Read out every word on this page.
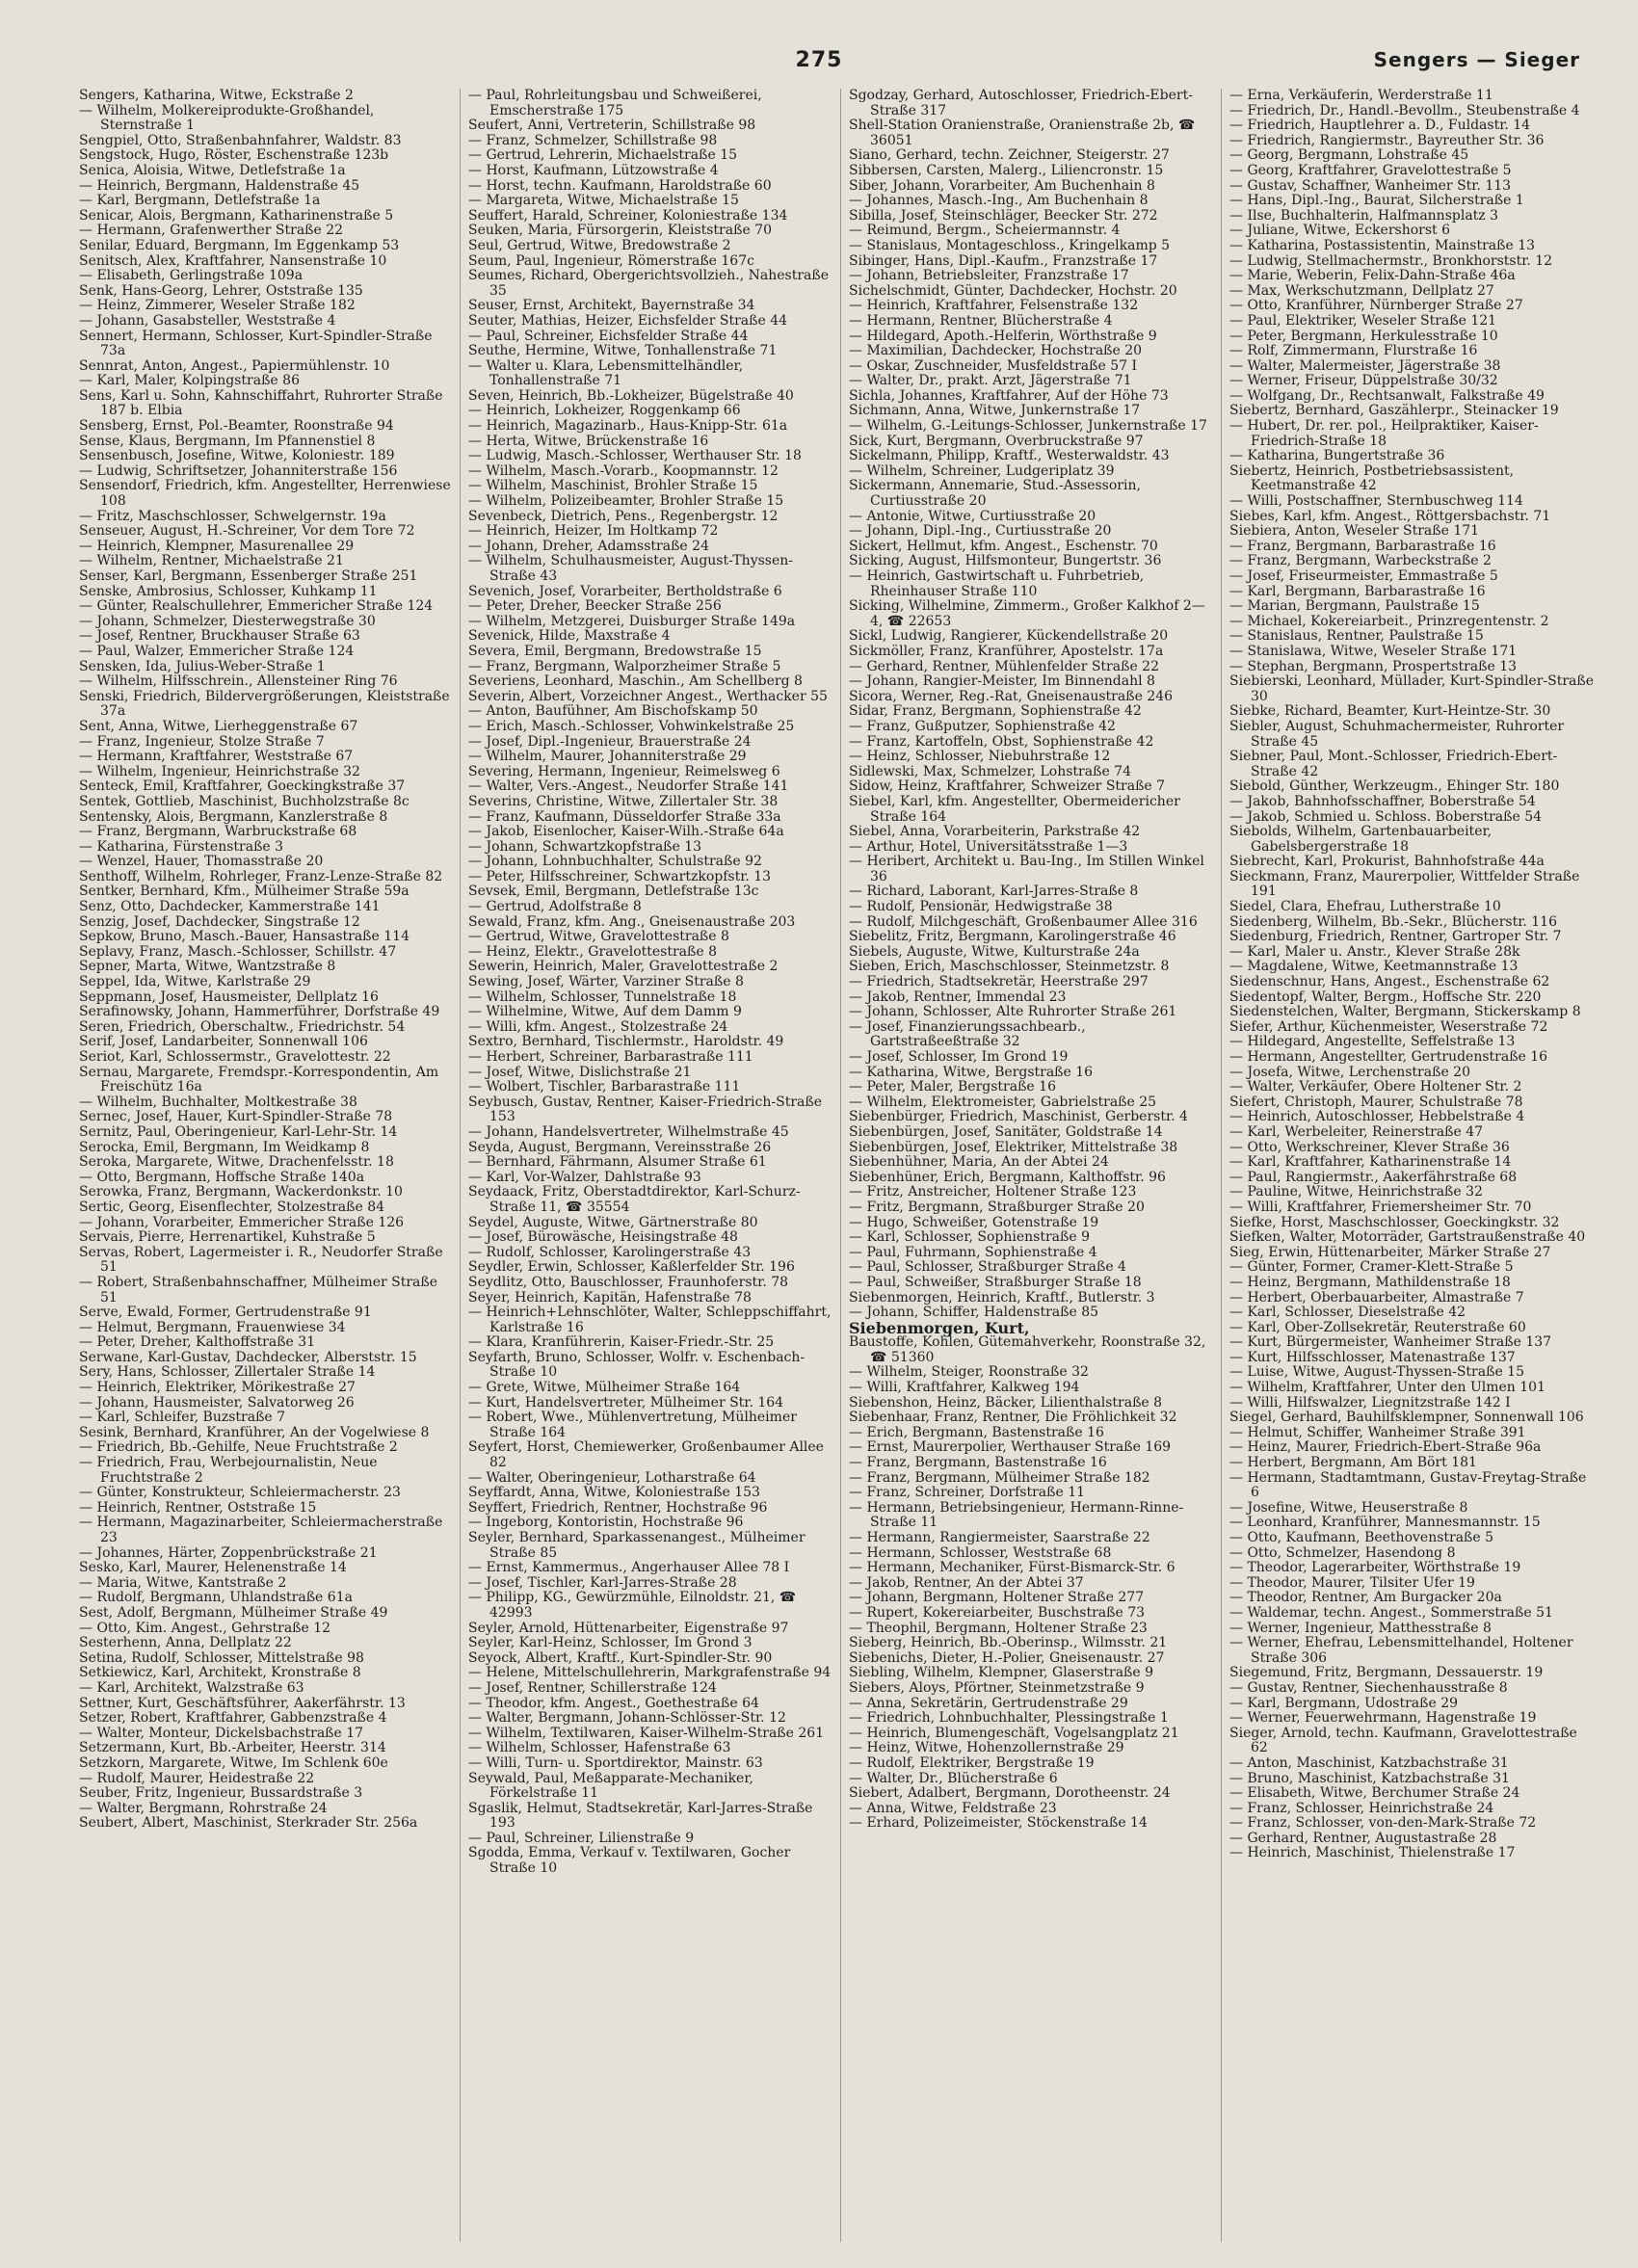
275	Sengers — Sieger

Sengers, Katharina, Witwe, Eckstraße 2

— Wilhelm, Molkereiprodukte-Großhandel, Sternstraße 1

Sengpiel, Otto, Straßenbahnfahrer, Waldstr. 83

Sengstock, Hugo, Röster, Eschenstraße 123b

Senica, Aloisia, Witwe, Detlefstraße 1a

— Heinrich, Bergmann, Haldenstraße 45

— Karl, Bergmann, Detlefstraße 1a

Senicar, Alois, Bergmann, Katharinenstraße 5

— Hermann, Grafenwerther Straße 22

Senilar, Eduard, Bergmann, Im Eggenkamp 53

Senitsch, Alex, Kraftfahrer, Nansenstraße 10

— Elisabeth, Gerlingstraße 109a

Senk, Hans-Georg, Lehrer, Oststraße 135

— Heinz, Zimmerer, Weseler Straße 182

— Johann, Gasabsteller, Weststraße 4

Sennert, Hermann, Schlosser, Kurt-Spindler-Straße 73a

Sennrat, Anton, Angest., Papiermühlenstr. 10

— Karl, Maler, Kolpingstraße 86

Sens, Karl u. Sohn, Kahnschiffahrt, Ruhrorter Straße 187 b. Elbia

Sensberg, Ernst, Pol.-Beamter, Roonstraße 94

Sense, Klaus, Bergmann, Im Pfannenstiel 8

Sensenbusch, Josefine, Witwe, Koloniestr. 189

— Ludwig, Schriftsetzer, Johanniterstraße 156

Sensendorf, Friedrich, kfm. Angestellter, Herrenwiese 108

— Fritz, Maschschlosser, Schwelgernstr. 19a

Senseuer, August, H.-Schreiner, Vor dem Tore 72

— Heinrich, Klempner, Masurenallee 29

— Wilhelm, Rentner, Michaelstraße 21

Senser, Karl, Bergmann, Essenberger Straße 251

Senske, Ambrosius, Schlosser, Kuhkamp 11

— Günter, Realschullehrer, Emmericher Straße 124

— Johann, Schmelzer, Diesterwegstraße 30

— Josef, Rentner, Bruckhauser Straße 63

— Paul, Walzer, Emmericher Straße 124

Sensken, Ida, Julius-Weber-Straße 1

— Wilhelm, Hilfsschrein., Allensteiner Ring 76

Senski, Friedrich, Bildervergrößerungen, Kleiststraße 37a

Sent, Anna, Witwe, Lierheggenstraße 67

— Franz, Ingenieur, Stolze Straße 7

— Hermann, Kraftfahrer, Weststraße 67

— Wilhelm, Ingenieur, Heinrichstraße 32

Senteck, Emil, Kraftfahrer, Goeckingkstraße 37

Sentek, Gottlieb, Maschinist, Buchholzstraße 8c

Sentensky, Alois, Bergmann, Kanzlerstraße 8

— Franz, Bergmann, Warbruckstraße 68

— Katharina, Fürstenstraße 3

— Wenzel, Hauer, Thomasstraße 20

Senthoff, Wilhelm, Rohrleger, Franz-Lenze-Straße 82

Sentker, Bernhard, Kfm., Mülheimer Straße 59a

Senz, Otto, Dachdecker, Kammerstraße 141

Senzig, Josef, Dachdecker, Singstraße 12

Sepkow, Bruno, Masch.-Bauer, Hansastraße 114

Seplavy, Franz, Masch.-Schlosser, Schillstr. 47

Sepner, Marta, Witwe, Wantzstraße 8

Seppel, Ida, Witwe, Karlstraße 29

Seppmann, Josef, Hausmeister, Dellplatz 16

Serafinowsky, Johann, Hammerführer, Dorfstraße 49

Seren, Friedrich, Oberschaltw., Friedrichstr. 54

Serif, Josef, Landarbeiter, Sonnenwall 106

Seriot, Karl, Schlossermstr., Gravelottestr. 22

Sernau, Margarete, Fremdspr.-Korrespondentin, Am Freischütz 16a

— Wilhelm, Buchhalter, Moltkestraße 38

Sernec, Josef, Hauer, Kurt-Spindler-Straße 78

Sernitz, Paul, Oberingenieur, Karl-Lehr-Str. 14

Serocka, Emil, Bergmann, Im Weidkamp 8

Seroka, Margarete, Witwe, Drachenfelsstr. 18

— Otto, Bergmann, Hoffsche Straße 140a

Serowka, Franz, Bergmann, Wackerdonkstr. 10

Sertic, Georg, Eisenflechter, Stolzestraße 84

— Johann, Vorarbeiter, Emmericher Straße 126

Servais, Pierre, Herrenartikel, Kuhstraße 5

Servas, Robert, Lagermeister i. R., Neudorfer Straße 51

— Robert, Straßenbahnschaffner, Mülheimer Straße 51

Serve, Ewald, Former, Gertrudenstraße 91

— Helmut, Bergmann, Frauenwiese 34

— Peter, Dreher, Kalthoffstraße 31

Serwane, Karl-Gustav, Dachdecker, Alberststr. 15

Sery, Hans, Schlosser, Zillertaler Straße 14

— Heinrich, Elektriker, Mörikestraße 27

— Johann, Hausmeister, Salvatorweg 26

— Karl, Schleifer, Buzstraße 7

Sesink, Bernhard, Kranführer, An der Vogelwiese 8

— Friedrich, Bb.-Gehilfe, Neue Fruchtstraße 2

— Friedrich, Frau, Werbejournalistin, Neue Fruchtstraße 2

— Günter, Konstrukteur, Schleiermacherstr. 23

— Heinrich, Rentner, Oststraße 15

— Hermann, Magazinarbeiter, Schleiermacherstraße 23

— Johannes, Härter, Zoppenbrückstraße 21

Sesko, Karl, Maurer, Helenenstraße 14

— Maria, Witwe, Kantstraße 2

— Rudolf, Bergmann, Uhlandstraße 61a

Sest, Adolf, Bergmann, Mülheimer Straße 49

— Otto, Kim. Angest., Gehrstraße 12

Sesterhenn, Anna, Dellplatz 22

Setina, Rudolf, Schlosser, Mittelstraße 98

Setkiewicz, Karl, Architekt, Kronstraße 8

— Karl, Architekt, Walzstraße 63

Settner, Kurt, Geschäftsführer, Aakerfährstr. 13

Setzer, Robert, Kraftfahrer, Gabbenzstraße 4

— Walter, Monteur, Dickelsbachstraße 17

Setzermann, Kurt, Bb.-Arbeiter, Heerstr. 314

Setzkorn, Margarete, Witwe, Im Schlenk 60e

— Rudolf, Maurer, Heidestraße 22

Seuber, Fritz, Ingenieur, Bussardstraße 3

— Walter, Bergmann, Rohrstraße 24

Seubert, Albert, Maschinist, Sterkrader Str. 256a

— Paul, Rohrleitungsbau und Schweißerei, Emscherstraße 175

Seufert, Anni, Vertreterin, Schillstraße 98

— Franz, Schmelzer, Schillstraße 98

— Gertrud, Lehrerin, Michaelstraße 15

— Horst, Kaufmann, Lützowstraße 4

— Horst, techn. Kaufmann, Haroldstraße 60

— Margareta, Witwe, Michaelstraße 15

Seuffert, Harald, Schreiner, Koloniestraße 134

Seuken, Maria, Fürsorgerin, Kleiststraße 70

Seul, Gertrud, Witwe, Bredowstraße 2

Seum, Paul, Ingenieur, Römerstraße 167c

Seumes, Richard, Obergerichtsvollzieh., Nahestraße 35

Seuser, Ernst, Architekt, Bayernstraße 34

Seuter, Mathias, Heizer, Eichsfelder Straße 44

— Paul, Schreiner, Eichsfelder Straße 44

Seuthe, Hermine, Witwe, Tonhallenstraße 71

— Walter u. Klara, Lebensmittelhändler, Tonhallenstraße 71

Seven, Heinrich, Bb.-Lokheizer, Bügelstraße 40

— Heinrich, Lokheizer, Roggenkamp 66

— Heinrich, Magazinarb., Haus-Knipp-Str. 61a

— Herta, Witwe, Brückenstraße 16

— Ludwig, Masch.-Schlosser, Werthauser Str. 18

— Wilhelm, Masch.-Vorarb., Koopmannstr. 12

— Wilhelm, Maschinist, Brohler Straße 15

— Wilhelm, Polizeibeamter, Brohler Straße 15

Sevenbeck, Dietrich, Pens., Regenbergstr. 12

— Heinrich, Heizer, Im Holtkamp 72

— Johann, Dreher, Adamsstraße 24

— Wilhelm, Schulhausmeister, August-Thyssen-Straße 43

Sevenich, Josef, Vorarbeiter, Bertholdstraße 6

— Peter, Dreher, Beecker Straße 256

— Wilhelm, Metzgerei, Duisburger Straße 149a

Sevenick, Hilde, Maxstraße 4

Severa, Emil, Bergmann, Bredowstraße 15

— Franz, Bergmann, Walporzheimer Straße 5

Severiens, Leonhard, Maschin., Am Schellberg 8

Severin, Albert, Vorzeichner Angest., Werthacker 55

— Anton, Baufühner, Am Bischofskamp 50

— Erich, Masch.-Schlosser, Vohwinkelstraße 25

— Josef, Dipl.-Ingenieur, Brauerstraße 24

— Wilhelm, Maurer, Johanniterstraße 29

Severing, Hermann, Ingenieur, Reimelsweg 6

— Walter, Vers.-Angest., Neudorfer Straße 141

Severins, Christine, Witwe, Zillertaler Str. 38

— Franz, Kaufmann, Düsseldorfer Straße 33a

— Jakob, Eisenlocher, Kaiser-Wilh.-Straße 64a

— Johann, Schwartzkopfstraße 13

— Johann, Lohnbuchhalter, Schulstraße 92

— Peter, Hilfsschreiner, Schwartzkopfstr. 13

Sevsek, Emil, Bergmann, Detlefstraße 13c

— Gertrud, Adolfstraße 8

Sewald, Franz, kfm. Ang., Gneisenaustraße 203

— Gertrud, Witwe, Gravelottestraße 8

— Heinz, Elektr., Gravelottestraße 8

Sewerin, Heinrich, Maler, Gravelottestraße 2

Sewing, Josef, Wärter, Varziner Straße 8

— Wilhelm, Schlosser, Tunnelstraße 18

— Wilhelmine, Witwe, Auf dem Damm 9

— Willi, kfm. Angest., Stolzestraße 24

Sextro, Bernhard, Tischlermstr., Haroldstr. 49

— Herbert, Schreiner, Barbarastraße 111

— Josef, Witwe, Dislichstraße 21

— Wolbert, Tischler, Barbarastraße 111

Seybusch, Gustav, Rentner, Kaiser-Friedrich-Straße 153

— Johann, Handelsvertreter, Wilhelmstraße 45

Seyda, August, Bergmann, Vereinsstraße 26

— Bernhard, Fährmann, Alsumer Straße 61

— Karl, Vor-Walzer, Dahlstraße 93

Seydaack, Fritz, Oberstadtdirektor, Karl-Schurz-Straße 11, ☎ 35554

Seydel, Auguste, Witwe, Gärtnerstraße 80

— Josef, Bürowäsche, Heisingstraße 48

— Rudolf, Schlosser, Karolingerstraße 43

Seydler, Erwin, Schlosser, Kaßlerfelder Str. 196

Seydlitz, Otto, Bauschlosser, Fraunhoferstr. 78

Seyer, Heinrich, Kapitän, Hafenstraße 78

— Heinrich+Lehnschlöter, Walter, Schleppschiffahrt, Karlstraße 16

— Klara, Kranführerin, Kaiser-Friedr.-Str. 25

Seyfarth, Bruno, Schlosser, Wolfr. v. Eschenbach-Straße 10

— Grete, Witwe, Mülheimer Straße 164

— Kurt, Handelsvertreter, Mülheimer Str. 164

— Robert, Wwe., Mühlenvertretung, Mülheimer Straße 164

Seyfert, Horst, Chemiewerker, Großenbaumer Allee 82

— Walter, Oberingenieur, Lotharstraße 64

Seyffardt, Anna, Witwe, Koloniestraße 153

Seyffert, Friedrich, Rentner, Hochstraße 96

— Ingeborg, Kontoristin, Hochstraße 96

Seyler, Bernhard, Sparkassenangest., Mülheimer Straße 85

— Ernst, Kammermus., Angerhauser Allee 78 I

— Josef, Tischler, Karl-Jarres-Straße 28

— Philipp, KG., Gewürzmühle, Eilnoldstr. 21, ☎ 42993

Seyler, Arnold, Hüttenarbeiter, Eigenstraße 97

Seyler, Karl-Heinz, Schlosser, Im Grond 3

Seyock, Albert, Kraftf., Kurt-Spindler-Str. 90

— Helene, Mittelschullehrerin, Markgrafenstraße 94

— Josef, Rentner, Schillerstraße 124

— Theodor, kfm. Angest., Goethestraße 64

— Walter, Bergmann, Johann-Schlösser-Str. 12

— Wilhelm, Textilwaren, Kaiser-Wilhelm-Straße 261

— Wilhelm, Schlosser, Hafenstraße 63

— Willi, Turn- u. Sportdirektor, Mainstr. 63

Seywald, Paul, Meßapparate-Mechaniker, Förkelstraße 11

Sgaslik, Helmut, Stadtsekretär, Karl-Jarres-Straße 193

— Paul, Schreiner, Lilienstraße 9

Sgodda, Emma, Verkauf v. Textilwaren, Gocher Straße 10

Sgodzay, Gerhard, Autoschlosser, Friedrich-Ebert-Straße 317

Shell-Station Oranienstraße, Oranienstraße 2b, ☎ 36051

Siano, Gerhard, techn. Zeichner, Steigerstr. 27

Sibbersen, Carsten, Malerg., Liliencronstr. 15

Siber, Johann, Vorarbeiter, Am Buchenhain 8

— Johannes, Masch.-Ing., Am Buchenhain 8

Sibilla, Josef, Steinschläger, Beecker Str. 272

— Reimund, Bergm., Scheiermannstr. 4

— Stanislaus, Montageschloss., Kringelkamp 5

Sibinger, Hans, Dipl.-Kaufm., Franzstraße 17

— Johann, Betriebsleiter, Franzstraße 17

Sichelschmidt, Günter, Dachdecker, Hochstr. 20

— Heinrich, Kraftfahrer, Felsenstraße 132

— Hermann, Rentner, Blücherstraße 4

— Hildegard, Apoth.-Helferin, Wörthstraße 9

— Maximilian, Dachdecker, Hochstraße 20

— Oskar, Zuschneider, Musfeldstraße 57 I

— Walter, Dr., prakt. Arzt, Jägerstraße 71

Sichla, Johannes, Kraftfahrer, Auf der Höhe 73

Sichmann, Anna, Witwe, Junkernstraße 17

— Wilhelm, G.-Leitungs-Schlosser, Junkernstraße 17

Sick, Kurt, Bergmann, Overbruckstraße 97

Sickelmann, Philipp, Kraftf., Westerwaldstr. 43

— Wilhelm, Schreiner, Ludgeriplatz 39

Sickermann, Annemarie, Stud.-Assessorin, Curtiusstraße 20

— Antonie, Witwe, Curtiusstraße 20

— Johann, Dipl.-Ing., Curtiusstraße 20

Sickert, Hellmut, kfm. Angest., Eschenstr. 70

Sicking, August, Hilfsmonteur, Bungertstr. 36

— Heinrich, Gastwirtschaft u. Fuhrbetrieb, Rheinhauser Straße 110

Sicking, Wilhelmine, Zimmerm., Großer Kalkhof 2—4, ☎ 22653

Sickl, Ludwig, Rangierer, Kückendellstraße 20

Sickmöller, Franz, Kranführer, Apostelstr. 17a

— Gerhard, Rentner, Mühlenfelder Straße 22

— Johann, Rangier-Meister, Im Binnendahl 8

Sicora, Werner, Reg.-Rat, Gneisenaustraße 246

Sidar, Franz, Bergmann, Sophienstraße 42

— Franz, Gußputzer, Sophienstraße 42

— Franz, Kartoffeln, Obst, Sophienstraße 42

— Heinz, Schlosser, Niebuhrstraße 12

Sidlewski, Max, Schmelzer, Lohstraße 74

Sidow, Heinz, Kraftfahrer, Schweizer Straße 7

Siebel, Karl, kfm. Angestellter, Obermeidericher Straße 164

Siebel, Anna, Vorarbeiterin, Parkstraße 42

— Arthur, Hotel, Universitätsstraße 1—3

— Heribert, Architekt u. Bau-Ing., Im Stillen Winkel 36

— Richard, Laborant, Karl-Jarres-Straße 8

— Rudolf, Pensionär, Hedwigstraße 38

— Rudolf, Milchgeschäft, Großenbaumer Allee 316

Siebelitz, Fritz, Bergmann, Karolingerstraße 46

Siebels, Auguste, Witwe, Kulturstraße 24a

Sieben, Erich, Maschschlosser, Steinmetzstr. 8

— Friedrich, Stadtsekretär, Heerstraße 297

— Jakob, Rentner, Immendal 23

— Johann, Schlosser, Alte Ruhrorter Straße 261

— Josef, Finanzierungssachbearb., Gartstraßeeßtraße 32

— Josef, Schlosser, Im Grond 19

— Katharina, Witwe, Bergstraße 16

— Peter, Maler, Bergstraße 16

— Wilhelm, Elektromeister, Gabrielstraße 25

Siebenbürger, Friedrich, Maschinist, Gerberstr. 4

Siebenbürgen, Josef, Sanitäter, Goldstraße 14

Siebenbürgen, Josef, Elektriker, Mittelstraße 38

Siebenhühner, Maria, An der Abtei 24

Siebenhüner, Erich, Bergmann, Kalthoffstr. 96

— Fritz, Anstreicher, Holtener Straße 123

— Fritz, Bergmann, Straßburger Straße 20

— Hugo, Schweißer, Gotenstraße 19

— Karl, Schlosser, Sophienstraße 9

— Paul, Fuhrmann, Sophienstraße 4

— Paul, Schlosser, Straßburger Straße 4

— Paul, Schweißer, Straßburger Straße 18

Siebenmorgen, Heinrich, Kraftf., Butlerstr. 3

— Johann, Schiffer, Haldenstraße 85

Siebenmorgen, Kurt,

Baustoffe, Kohlen, Gütemahverkehr, Roonstraße 32, ☎ 51360

— Wilhelm, Steiger, Roonstraße 32

— Willi, Kraftfahrer, Kalkweg 194

Siebenshon, Heinz, Bäcker, Lilienthalstraße 8

Siebenhaar, Franz, Rentner, Die Fröhlichkeit 32

— Erich, Bergmann, Bastenstraße 16

— Ernst, Maurerpolier, Werthauser Straße 169

— Franz, Bergmann, Bastenstraße 16

— Franz, Bergmann, Mülheimer Straße 182

— Franz, Schreiner, Dorfstraße 11

— Hermann, Betriebsingenieur, Hermann-Rinne-Straße 11

— Hermann, Rangiermeister, Saarstraße 22

— Hermann, Schlosser, Weststraße 68

— Hermann, Mechaniker, Fürst-Bismarck-Str. 6

— Jakob, Rentner, An der Abtei 37

— Johann, Bergmann, Holtener Straße 277

— Rupert, Kokereiarbeiter, Buschstraße 73

— Theophil, Bergmann, Holtener Straße 23

Sieberg, Heinrich, Bb.-Oberinsp., Wilmsstr. 21

Siebenichs, Dieter, H.-Polier, Gneisenaustr. 27

Siebling, Wilhelm, Klempner, Glaserstraße 9

Siebers, Aloys, Pförtner, Steinmetzstraße 9

— Anna, Sekretärin, Gertrudenstraße 29

— Friedrich, Lohnbuchhalter, Plessingstraße 1

— Heinrich, Blumengeschäft, Vogelsangplatz 21

— Heinz, Witwe, Hohenzollernstraße 29

— Rudolf, Elektriker, Bergstraße 19

— Walter, Dr., Blücherstraße 6

Siebert, Adalbert, Bergmann, Dorotheenstr. 24

— Anna, Witwe, Feldstraße 23

— Erhard, Polizeimeister, Stöckenstraße 14

— Erna, Verkäuferin, Werderstraße 11

— Friedrich, Dr., Handl.-Bevollm., Steubenstraße 4

— Friedrich, Hauptlehrer a. D., Fuldastr. 14

— Friedrich, Rangiermstr., Bayreuther Str. 36

— Georg, Bergmann, Lohstraße 45

— Georg, Kraftfahrer, Gravelottestraße 5

— Gustav, Schaffner, Wanheimer Str. 113

— Hans, Dipl.-Ing., Baurat, Silcherstraße 1

— Ilse, Buchhalterin, Halfmannsplatz 3

— Juliane, Witwe, Eckershorst 6

— Katharina, Postassistentin, Mainstraße 13

— Ludwig, Stellmachermstr., Bronkhorststr. 12

— Marie, Weberin, Felix-Dahn-Straße 46a

— Max, Werkschutzmann, Dellplatz 27

— Otto, Kranführer, Nürnberger Straße 27

— Paul, Elektriker, Weseler Straße 121

— Peter, Bergmann, Herkulesstraße 10

— Rolf, Zimmermann, Flurstraße 16

— Walter, Malermeister, Jägerstraße 38

— Werner, Friseur, Düppelstraße 30/32

— Wolfgang, Dr., Rechtsanwalt, Falkstraße 49

Siebertz, Bernhard, Gaszählerpr., Steinacker 19

— Hubert, Dr. rer. pol., Heilpraktiker, Kaiser-Friedrich-Straße 18

— Katharina, Bungertstraße 36

Siebertz, Heinrich, Postbetriebsassistent, Keetmanstraße 42

— Willi, Postschaffner, Sternbuschweg 114

Siebes, Karl, kfm. Angest., Röttgersbachstr. 71

Siebiera, Anton, Weseler Straße 171

— Franz, Bergmann, Barbarastraße 16

— Franz, Bergmann, Warbeckstraße 2

— Josef, Friseurmeister, Emmastraße 5

— Karl, Bergmann, Barbarastraße 16

— Marian, Bergmann, Paulstraße 15

— Michael, Kokereiarbeit., Prinzregentenstr. 2

— Stanislaus, Rentner, Paulstraße 15

— Stanislawa, Witwe, Weseler Straße 171

— Stephan, Bergmann, Prospertstraße 13

Siebierski, Leonhard, Müllader, Kurt-Spindler-Straße 30

Siebke, Richard, Beamter, Kurt-Heintze-Str. 30

Siebler, August, Schuhmachermeister, Ruhrorter Straße 45

Siebner, Paul, Mont.-Schlosser, Friedrich-Ebert-Straße 42

Siebold, Günther, Werkzeugm., Ehinger Str. 180

— Jakob, Bahnhofsschaffner, Boberstraße 54

— Jakob, Schmied u. Schloss. Boberstraße 54

Siebolds, Wilhelm, Gartenbauarbeiter, Gabelsbergerstraße 18

Siebrecht, Karl, Prokurist, Bahnhofstraße 44a

Sieckmann, Franz, Maurerpolier, Wittfelder Straße 191

Siedel, Clara, Ehefrau, Lutherstraße 10

Siedenberg, Wilhelm, Bb.-Sekr., Blücherstr. 116

Siedenburg, Friedrich, Rentner, Gartroper Str. 7

— Karl, Maler u. Anstr., Klever Straße 28k

— Magdalene, Witwe, Keetmannstraße 13

Siedenschnur, Hans, Angest., Eschenstraße 62

Siedentopf, Walter, Bergm., Hoffsche Str. 220

Siedenstelchen, Walter, Bergmann, Stickerskamp 8

Siefer, Arthur, Küchenmeister, Weserstraße 72

— Hildegard, Angestellte, Seffelstraße 13

— Hermann, Angestellter, Gertrudenstraße 16

— Josefa, Witwe, Lerchenstraße 20

— Walter, Verkäufer, Obere Holtener Str. 2

Siefert, Christoph, Maurer, Schulstraße 78

— Heinrich, Autoschlosser, Hebbelstraße 4

— Karl, Werbeleiter, Reinerstraße 47

— Otto, Werkschreiner, Klever Straße 36

— Karl, Kraftfahrer, Katharinenstraße 14

— Paul, Rangiermstr., Aakerfährstraße 68

— Pauline, Witwe, Heinrichstraße 32

— Willi, Kraftfahrer, Friemersheimer Str. 70

Siefke, Horst, Maschschlosser, Goeckingkstr. 32

Siefken, Walter, Motorräder, Gartstraußenstraße 40

Sieg, Erwin, Hüttenarbeiter, Märker Straße 27

— Günter, Former, Cramer-Klett-Straße 5

— Heinz, Bergmann, Mathildenstraße 18

— Herbert, Oberbauarbeiter, Almastraße 7

— Karl, Schlosser, Dieselstraße 42

— Karl, Ober-Zollsekretär, Reuterstraße 60

— Kurt, Bürgermeister, Wanheimer Straße 137

— Kurt, Hilfsschlosser, Matenastraße 137

— Luise, Witwe, August-Thyssen-Straße 15

— Wilhelm, Kraftfahrer, Unter den Ulmen 101

— Willi, Hilfswalzer, Liegnitzstraße 142 I

Siegel, Gerhard, Bauhilfsklempner, Sonnenwall 106

— Helmut, Schiffer, Wanheimer Straße 391

— Heinz, Maurer, Friedrich-Ebert-Straße 96a

— Herbert, Bergmann, Am Bört 181

— Hermann, Stadtamtmann, Gustav-Freytag-Straße 6

— Josefine, Witwe, Heuserstraße 8

— Leonhard, Kranführer, Mannesmannstr. 15

— Otto, Kaufmann, Beethovenstraße 5

— Otto, Schmelzer, Hasendong 8

— Theodor, Lagerarbeiter, Wörthstraße 19

— Theodor, Maurer, Tilsiter Ufer 19

— Theodor, Rentner, Am Burgacker 20a

— Waldemar, techn. Angest., Sommerstraße 51

— Werner, Ingenieur, Matthesstraße 8

— Werner, Ehefrau, Lebensmittelhandel, Holtener Straße 306

Siegemund, Fritz, Bergmann, Dessauerstr. 19

— Gustav, Rentner, Siechenhausstraße 8

— Karl, Bergmann, Udostraße 29

— Werner, Feuerwehrmann, Hagenstraße 19

Sieger, Arnold, techn. Kaufmann, Gravelottestraße 62

— Anton, Maschinist, Katzbachstraße 31

— Bruno, Maschinist, Katzbachstraße 31

— Elisabeth, Witwe, Berchumer Straße 24

— Franz, Schlosser, Heinrichstraße 24

— Franz, Schlosser, von-den-Mark-Straße 72

— Gerhard, Rentner, Augustastraße 28

— Heinrich, Maschinist, Thielenstraße 17
